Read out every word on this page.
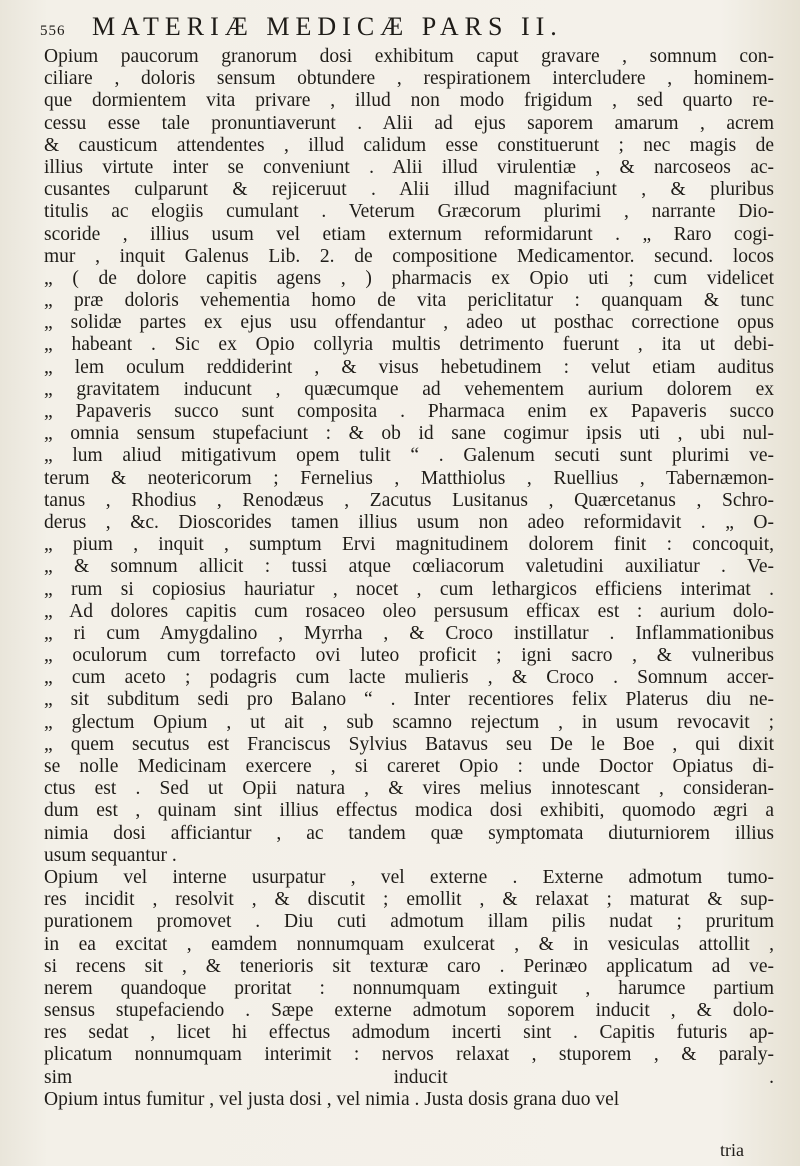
556	MATERIÆ MEDICÆ PARS II.
Opium paucorum granorum dosi exhibitum caput gravare , somnum con-
ciliare , doloris sensum obtundere , respirationem intercludere , hominem-
que dormientem vita privare , illud non modo frigidum , sed quarto re-
cessu esse tale pronuntiaverunt . Alii ad ejus saporem amarum , acrem
& causticum attendentes , illud calidum esse constituerunt ; nec magis de
illius virtute inter se conveniunt . Alii illud virulentiæ , & narcoseos ac-
cusantes culparunt & rejiceruut . Alii illud magnifaciunt , & pluribus
titulis ac elogiis cumulant . Veterum Græcorum plurimi , narrante Dio-
scoride , illius usum vel etiam externum reformidarunt . „ Raro cogi-
mur , inquit Galenus Lib. 2. de compositione Medicamentor. secund. locos
„ ( de dolore capitis agens , ) pharmacis ex Opio uti ; cum videlicet
„ præ doloris vehementia homo de vita periclitatur : quanquam & tunc
„ solidæ partes ex ejus usu offendantur , adeo ut posthac correctione opus
„ habeant . Sic ex Opio collyria multis detrimento fuerunt , ita ut debi-
„ lem oculum reddiderint , & visus hebetudinem : velut etiam auditus
„ gravitatem inducunt , quæcumque ad vehementem aurium dolorem ex
„ Papaveris succo sunt composita . Pharmaca enim ex Papaveris succo
„ omnia sensum stupefaciunt : & ob id sane cogimur ipsis uti , ubi nul-
„ lum aliud mitigativum opem tulit “ . Galenum secuti sunt plurimi ve-
terum & neotericorum ; Fernelius , Matthiolus , Ruellius , Tabernæmon-
tanus , Rhodius , Renodæus , Zacutus Lusitanus , Quærcetanus , Schro-
derus , &c. Dioscorides tamen illius usum non adeo reformidavit . „ O-
„ pium , inquit , sumptum Ervi magnitudinem dolorem finit : concoquit,
„ & somnum allicit : tussi atque cœliacorum valetudini auxiliatur . Ve-
„ rum si copiosius hauriatur , nocet , cum lethargicos efficiens interimat .
„ Ad dolores capitis cum rosaceo oleo persusum efficax est : aurium dolo-
„ ri cum Amygdalino , Myrrha , & Croco instillatur . Inflammationibus
„ oculorum cum torrefacto ovi luteo proficit ; igni sacro , & vulneribus
„ cum aceto ; podagris cum lacte mulieris , & Croco . Somnum accer-
„ sit subditum sedi pro Balano “ . Inter recentiores felix Platerus diu ne-
„ glectum Opium , ut ait , sub scamno rejectum , in usum revocavit ;
„ quem secutus est Franciscus Sylvius Batavus seu De le Boe , qui dixit
se nolle Medicinam exercere , si careret Opio : unde Doctor Opiatus di-
ctus est . Sed ut Opii natura , & vires melius innotescant , consideran-
dum est , quinam sint illius effectus modica dosi exhibiti, quomodo ægri a
nimia dosi afficiantur , ac tandem quæ symptomata diuturniorem illius
usum sequantur .
Opium vel interne usurpatur , vel externe . Externe admotum tumo-
res incidit , resolvit , & discutit ; emollit , & relaxat ; maturat & sup-
purationem promovet . Diu cuti admotum illam pilis nudat ; pruritum
in ea excitat , eamdem nonnumquam exulcerat , & in vesiculas attollit ,
si recens sit , & tenerioris sit texturæ caro . Perinæo applicatum ad ve-
nerem quandoque proritat : nonnumquam extinguit , harumce partium
sensus stupefaciendo . Sæpe externe admotum soporem inducit , & dolo-
res sedat , licet hi effectus admodum incerti sint . Capitis futuris ap-
plicatum nonnumquam interimit : nervos relaxat , stuporem , & paraly-
sim inducit .
Opium intus fumitur , vel justa dosi , vel nimia . Justa dosis grana duo vel
tria
